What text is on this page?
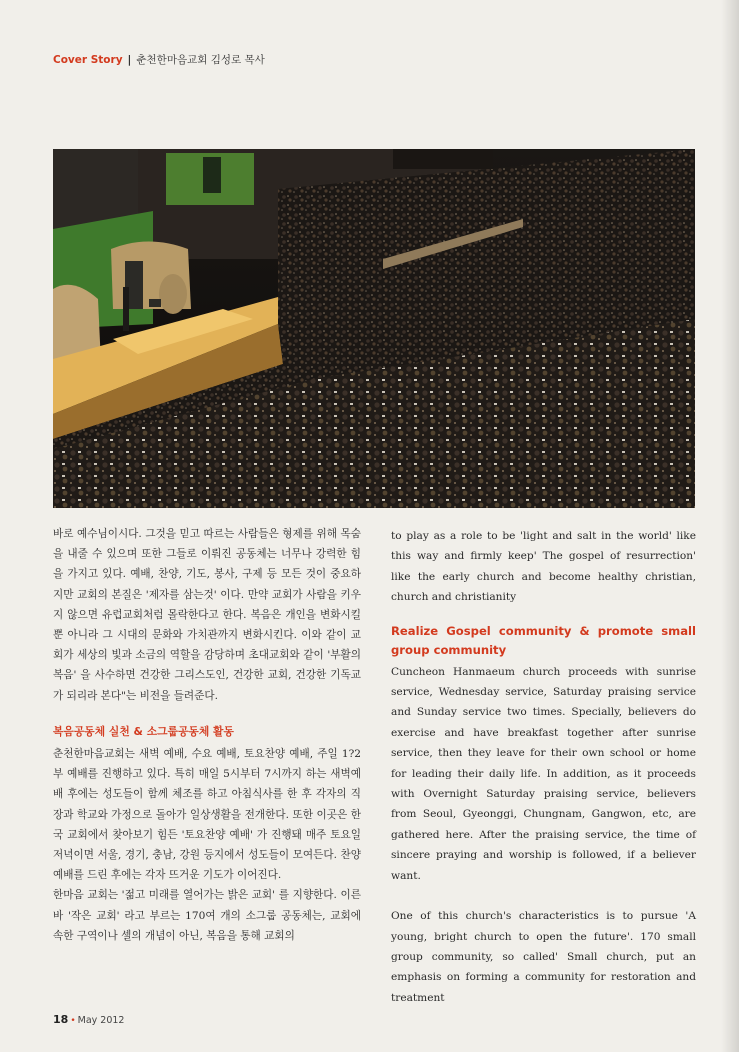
Cover Story | 춘천한마음교회 김성로 목사

바로 예수님이시다. 그것을 믿고 따르는 사람들은 형제를 위해 목숨을 내줄 수 있으며 또한 그들로 이뤄진 공동체는 너무나 강력한 힘을 가지고 있다. 예배, 찬양, 기도, 봉사, 구제 등 모든 것이 중요하지만 교회의 본질은 '제자를 삼는것' 이다. 만약 교회가 사람을 키우지 않으면 유럽교회처럼 몰락한다고 한다. 복음은 개인을 변화시킬 뿐 아니라 그 시대의 문화와 가치관까지 변화시킨다. 이와 같이 교회가 세상의 빛과 소금의 역할을 감당하며 초대교회와 같이 '부활의 복음' 을 사수하면 건강한 그리스도인, 건강한 교회, 건강한 기독교가 되리라 본다"는 비전을 들려준다.

복음공동체 실천 & 소그룹공동체 활동

춘천한마음교회는 새벽 예배, 수요 예배, 토요찬양 예배, 주일 1?2부 예배를 진행하고 있다. 특히 매일 5시부터 7시까지 하는 새벽예배 후에는 성도들이 함께 체조를 하고 아침식사를 한 후 각자의 직장과 학교와 가정으로 돌아가 일상생활을 전개한다. 또한 이곳은 한국 교회에서 찾아보기 힘든 '토요찬양 예배' 가 진행돼 매주 토요일 저녁이면 서울, 경기, 충남, 강원 등지에서 성도들이 모여든다. 찬양예배를 드린 후에는 각자 뜨거운 기도가 이어진다.

한마음 교회는 '젊고 미래를 열어가는 밝은 교회' 를 지향한다. 이른바 '작은 교회' 라고 부르는 170여 개의 소그룹 공동체는, 교회에 속한 구역이나 셀의 개념이 아닌, 복음을 통해 교회의

to play as a role to be 'light and salt in the world' like this way and firmly keep' The gospel of resurrection' like the early church and become healthy christian, church and christianity

Realize Gospel community & promote small group community

Cuncheon Hanmaeum church proceeds with sunrise service, Wednesday service, Saturday praising service and Sunday service two times. Specially, believers do exercise and have breakfast together after sunrise service, then they leave for their own school or home for leading their daily life. In addition, as it proceeds with Overnight Saturday praising service, believers from Seoul, Gyeonggi, Chungnam, Gangwon, etc, are gathered here. After the praising service, the time of sincere praying and worship is followed, if a believer want.

One of this church's characteristics is to pursue 'A young, bright church to open the future'. 170 small group community, so called' Small church, put an emphasis on forming a community for restoration and treatment

18 • May 2012
